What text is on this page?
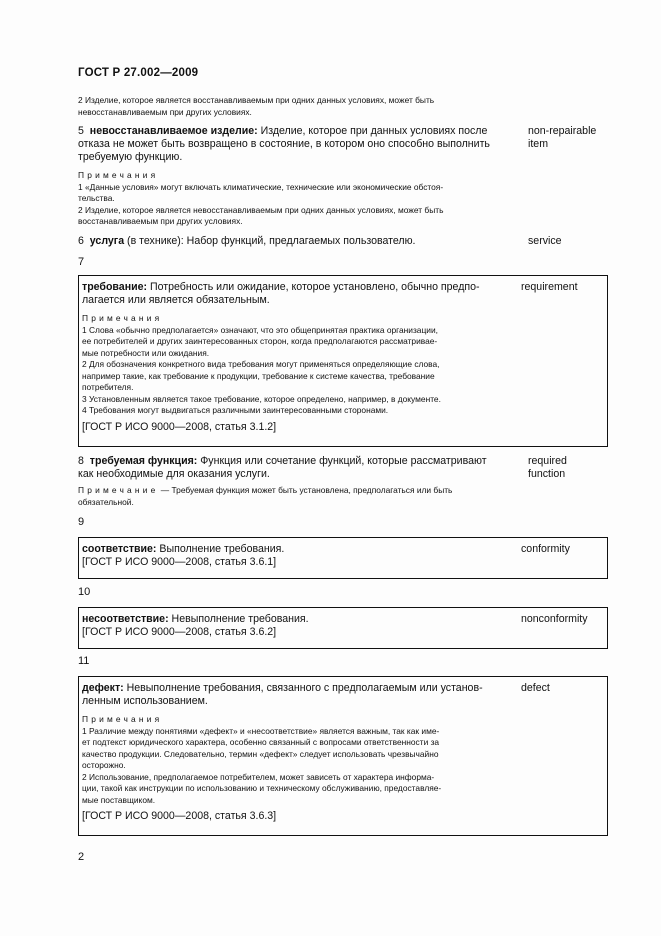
ГОСТ Р 27.002—2009
2 Изделие, которое является восстанавливаемым при одних данных условиях, может быть
невосстанавливаемым при других условиях.
5 невосстанавливаемое изделие: Изделие, которое при данных условиях после
отказа не может быть возвращено в состояние, в котором оно способно выполнить
требуемую функцию.
non-repairable
item
Примечания
1 «Данные условия» могут включать климатические, технические или экономические обстоя-
тельства.
2 Изделие, которое является невосстанавливаемым при одних данных условиях, может быть
восстанавливаемым при других условиях.
6 услуга (в технике): Набор функций, предлагаемых пользователю.	service
7
требование: Потребность или ожидание, которое установлено, обычно предпо-
лагается или является обязательным.
requirement
Примечания
1 Слова «обычно предполагается» означают, что это общепринятая практика организации,
ее потребителей и других заинтересованных сторон, когда предполагаются рассматривае-
мые потребности или ожидания.
2 Для обозначения конкретного вида требования могут применяться определяющие слова,
например такие, как требование к продукции, требование к системе качества, требование
потребителя.
3 Установленным является такое требование, которое определено, например, в документе.
4 Требования могут выдвигаться различными заинтересованными сторонами.
[ГОСТ Р ИСО 9000—2008, статья 3.1.2]
8 требуемая функция: Функция или сочетание функций, которые рассматривают
как необходимые для оказания услуги.
required
function
Примечание — Требуемая функция может быть установлена, предполагаться или быть
обязательной.
9
соответствие: Выполнение требования.
[ГОСТ Р ИСО 9000—2008, статья 3.6.1]
conformity
10
несоответствие: Невыполнение требования.
[ГОСТ Р ИСО 9000—2008, статья 3.6.2]
nonconformity
11
дефект: Невыполнение требования, связанного с предполагаемым или установ-
ленным использованием.
defect
Примечания
1 Различие между понятиями «дефект» и «несоответствие» является важным, так как име-
ет подтекст юридического характера, особенно связанный с вопросами ответственности за
качество продукции. Следовательно, термин «дефект» следует использовать чрезвычайно
осторожно.
2 Использование, предполагаемое потребителем, может зависеть от характера информа-
ции, такой как инструкции по использованию и техническому обслуживанию, предоставляе-
мые поставщиком.
[ГОСТ Р ИСО 9000—2008, статья 3.6.3]
2
